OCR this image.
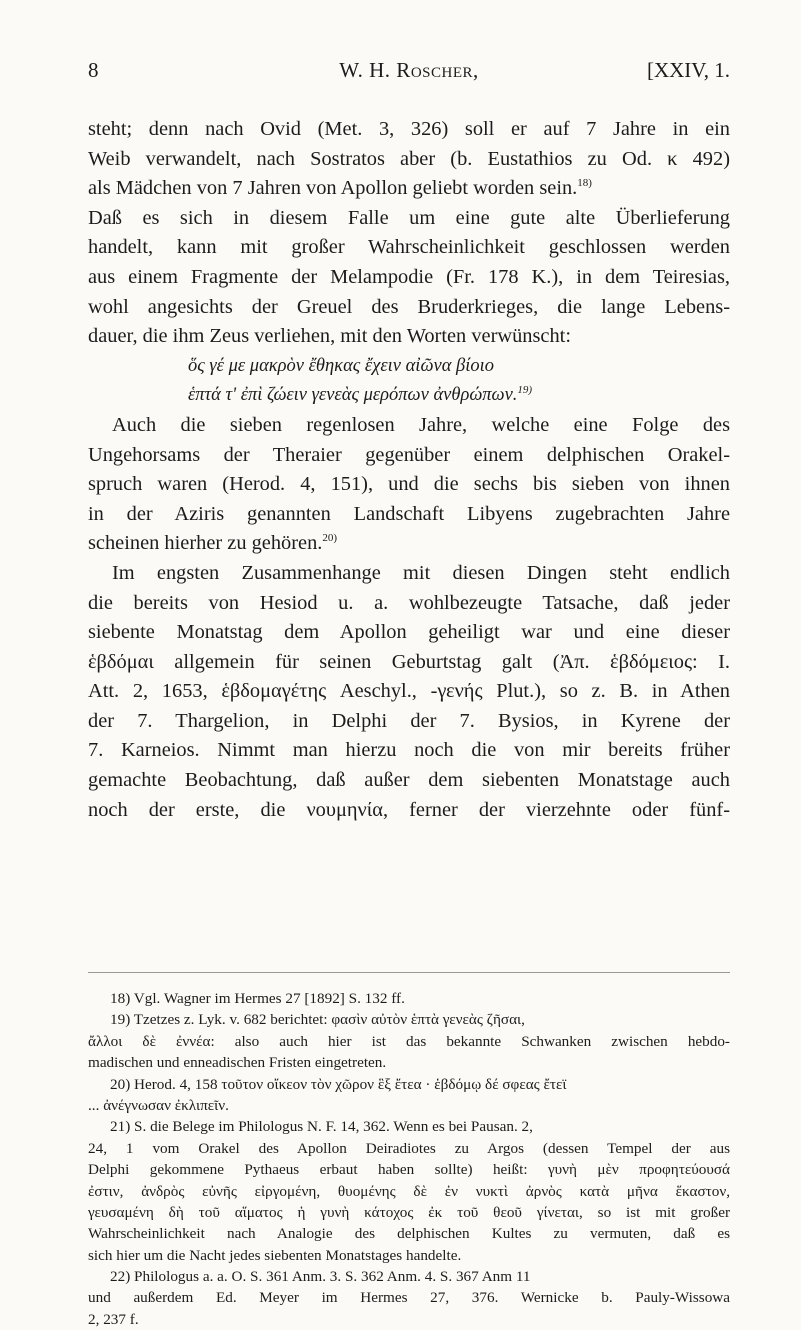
8	W. H. Roscher,	[XXIV, 1.
steht; denn nach Ovid (Met. 3, 326) soll er auf 7 Jahre in ein
Weib verwandelt, nach Sostratos aber (b. Eustathios zu Od. κ 492)
als Mädchen von 7 Jahren von Apollon geliebt worden sein.$^{18)}$
Daß es sich in diesem Falle um eine gute alte Überlieferung
handelt, kann mit großer Wahrscheinlichkeit geschlossen werden
aus einem Fragmente der Melampodie (Fr. 178 K.), in dem Teiresias,
wohl angesichts der Greuel des Bruderkrieges, die lange Lebens-
dauer, die ihm Zeus verliehen, mit den Worten verwünscht:
ὅς γέ με μακρὸν ἔθηκας ἔχειν αἰῶνα βίοιο
ἑπτά τ' ἐπὶ ζώειν γενεὰς μερόπων ἀνθρώπων.$^{19)}$
Auch die sieben regenlosen Jahre, welche eine Folge des
Ungehorsams der Theraier gegenüber einem delphischen Orakel-
spruch waren (Herod. 4, 151), und die sechs bis sieben von ihnen
in der Aziris genannten Landschaft Libyens zugebrachten Jahre
scheinen hierher zu gehören.$^{20)}$
Im engsten Zusammenhange mit diesen Dingen steht endlich
die bereits von Hesiod u. a. wohlbezeugte Tatsache, daß jeder
siebente Monatstag dem Apollon geheiligt war und eine dieser
ἑβδόμαι allgemein für seinen Geburtstag galt (Ἀπ. ἑβδόμειος: I.
Att. 2, 1653, ἑβδομαγέτης Aeschyl., -γενής Plut.), so z. B. in Athen
der 7. Thargelion, in Delphi der 7. Bysios, in Kyrene der
7. Karneios. Nimmt man hierzu noch die von mir bereits früher
gemachte Beobachtung, daß außer dem siebenten Monatstage auch
noch der erste, die νουμηνία, ferner der vierzehnte oder fünf-
18) Vgl. Wagner im Hermes 27 [1892] S. 132 ff.
19) Tzetzes z. Lyk. v. 682 berichtet: φασὶν αὐτὸν ἑπτὰ γενεὰς ζῆσαι,
ἄλλοι δὲ ἐννέα: also auch hier ist das bekannte Schwanken zwischen hebdo-
madischen und enneadischen Fristen eingetreten.
20) Herod. 4, 158 τοῦτον οἴκεον τὸν χῶρον ἓξ ἔτεα · ἑβδόμῳ δέ σφεας ἔτεϊ
... ἀνέγνωσαν ἐκλιπεῖν.
21) S. die Belege im Philologus N. F. 14, 362. Wenn es bei Pausan. 2,
24, 1 vom Orakel des Apollon Deiradiotes zu Argos (dessen Tempel der aus
Delphi gekommene Pythaeus erbaut haben sollte) heißt: γυνὴ μὲν προφητεύουσά
ἐστιν, ἀνδρὸς εὐνῆς εἰργομένη, θυομένης δὲ ἐν νυκτὶ ἀρνὸς κατὰ μῆνα ἕκαστον,
γευσαμένη δὴ τοῦ αἵματος ἡ γυνὴ κάτοχος ἐκ τοῦ θεοῦ γίνεται, so ist mit großer
Wahrscheinlichkeit nach Analogie des delphischen Kultes zu vermuten, daß es
sich hier um die Nacht jedes siebenten Monatstages handelte.
22) Philologus a. a. O. S. 361 Anm. 3. S. 362 Anm. 4. S. 367 Anm 11
und außerdem Ed. Meyer im Hermes 27, 376. Wernicke b. Pauly-Wissowa
2, 237 f.
